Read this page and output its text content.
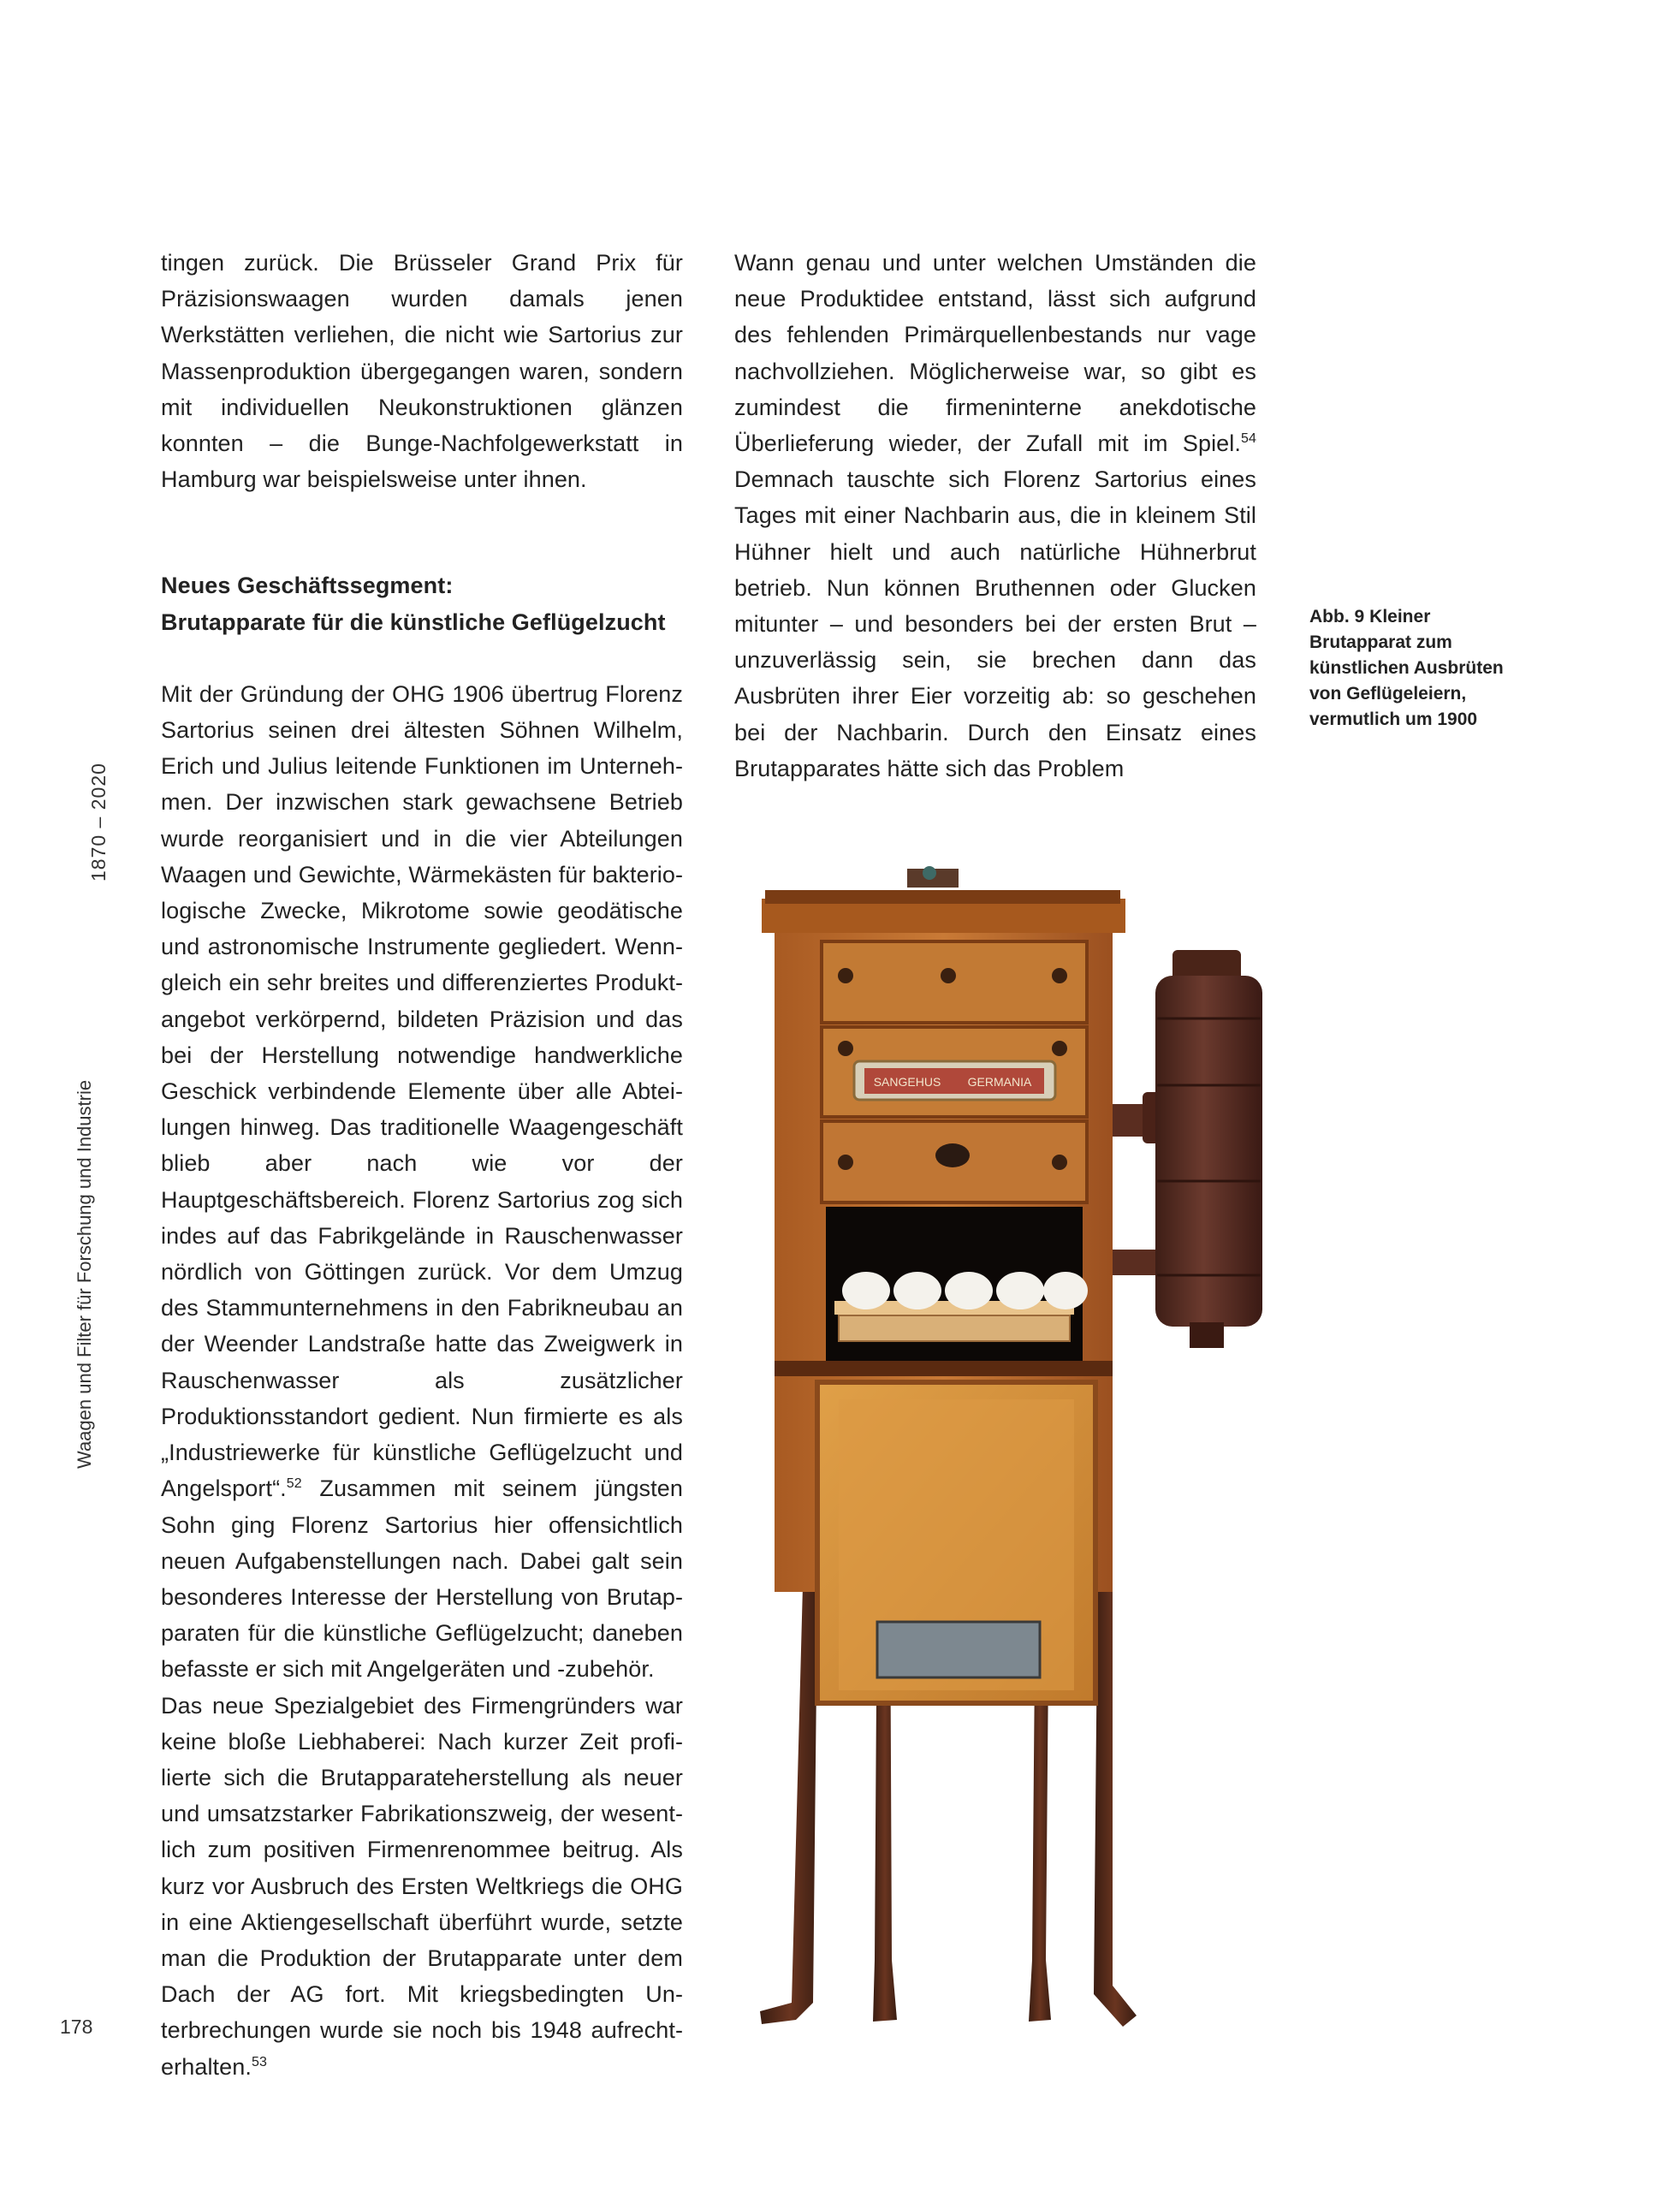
1870 – 2020
Waagen und Filter für Forschung und Industrie
178

tingen zurück. Die Brüsseler Grand Prix für Präzisionswaagen wurden damals jenen Werkstätten verliehen, die nicht wie Sartorius zur Massenproduktion übergegangen waren, sondern mit individuellen Neukonstruktionen glänzen konnten – die Bunge-Nachfolgewerkstatt in Hamburg war beispielsweise unter ihnen.

Neues Geschäftssegment:
Brutapparate für die künstliche Geflügelzucht

Mit der Gründung der OHG 1906 übertrug Florenz Sartorius seinen drei ältesten Söhnen Wilhelm, Erich und Julius leitende Funktionen im Unternehmen. Der inzwischen stark gewachsene Betrieb wurde reorganisiert und in die vier Abteilungen Waagen und Gewichte, Wärmekästen für bakteriologische Zwecke, Mikrotome sowie geodätische und astronomische Instrumente gegliedert. Wenngleich ein sehr breites und differenziertes Produktangebot verkörpernd, bildeten Präzision und das bei der Herstellung notwendige handwerkliche Geschick verbindende Elemente über alle Abteilungen hinweg. Das traditionelle Waagengeschäft blieb aber nach wie vor der Hauptgeschäftsbereich. Florenz Sartorius zog sich indes auf das Fabrikgelände in Rauschenwasser nördlich von Göttingen zurück. Vor dem Umzug des Stammunternehmens in den Fabrikneubau an der Weender Landstraße hatte das Zweigwerk in Rauschenwasser als zusätzlicher Produktionsstandort gedient. Nun firmierte es als „Industriewerke für künstliche Geflügelzucht und Angelsport“.$^{52}$ Zusammen mit seinem jüngsten Sohn ging Florenz Sartorius hier offensichtlich neuen Aufgabenstellungen nach. Dabei galt sein besonderes Interesse der Herstellung von Brutapparaten für die künstliche Geflügelzucht; daneben befasste er sich mit Angelgeräten und -zubehör.

Das neue Spezialgebiet des Firmengründers war keine bloße Liebhaberei: Nach kurzer Zeit profilierte sich die Brutapparateherstellung als neuer und umsatzstarker Fabrikationszweig, der wesentlich zum positiven Firmenrenommee beitrug. Als kurz vor Ausbruch des Ersten Weltkriegs die OHG in eine Aktiengesellschaft überführt wurde, setzte man die Produktion der Brutapparate unter dem Dach der AG fort. Mit kriegsbedingten Unterbrechungen wurde sie noch bis 1948 aufrechterhalten.$^{53}$

Wann genau und unter welchen Umständen die neue Produktidee entstand, lässt sich aufgrund des fehlenden Primärquellenbestands nur vage nachvollziehen. Möglicherweise war, so gibt es zumindest die firmeninterne anekdotische Überlieferung wieder, der Zufall mit im Spiel.$^{54}$ Demnach tauschte sich Florenz Sartorius eines Tages mit einer Nachbarin aus, die in kleinem Stil Hühner hielt und auch natürliche Hühnerbrut betrieb. Nun können Bruthennen oder Glucken mitunter – und besonders bei der ersten Brut – unzuverlässig sein, sie brechen dann das Ausbrüten ihrer Eier vorzeitig ab: so geschehen bei der Nachbarin. Durch den Einsatz eines Brutapparates hätte sich das Problem

Abb. 9 Kleiner Brutapparat zum künstlichen Ausbrüten von Geflügeleiern, vermutlich um 1900
SANGEHUS GERMANIA
